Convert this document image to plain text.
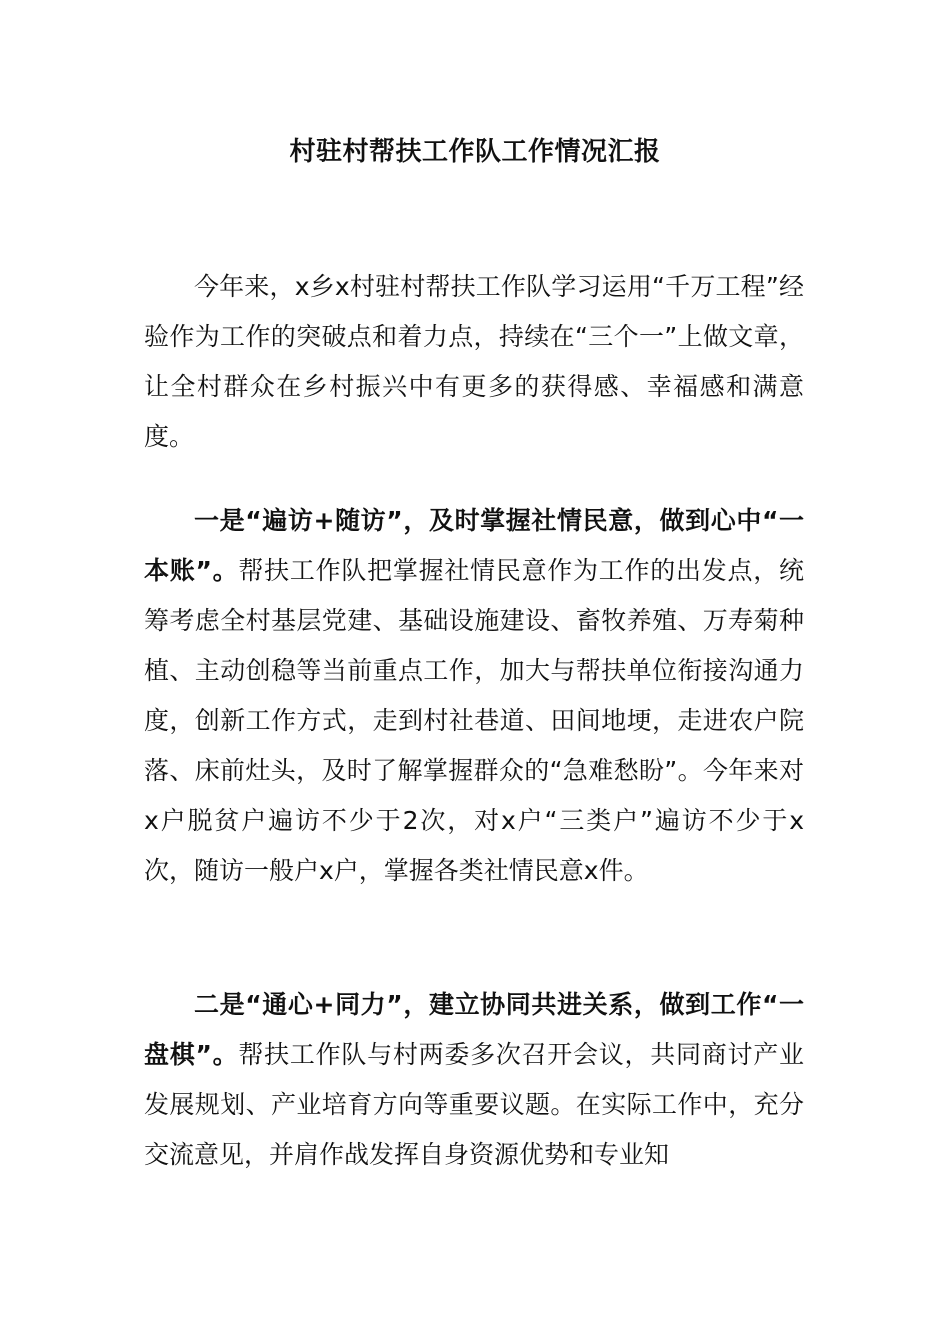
村驻村帮扶工作队工作情况汇报

今年来，x乡x村驻村帮扶工作队学习运用“千万工程”经验作为工作的突破点和着力点，持续在“三个一”上做文章，让全村群众在乡村振兴中有更多的获得感、幸福感和满意度。

一是“遍访+随访”，及时掌握社情民意，做到心中“一本账”。帮扶工作队把掌握社情民意作为工作的出发点，统筹考虑全村基层党建、基础设施建设、畜牧养殖、万寿菊种植、主动创稳等当前重点工作，加大与帮扶单位衔接沟通力度，创新工作方式，走到村社巷道、田间地埂，走进农户院落、床前灶头，及时了解掌握群众的“急难愁盼”。今年来对x户脱贫户遍访不少于2次，对x户“三类户”遍访不少于x次，随访一般户x户，掌握各类社情民意x件。

二是“通心+同力”，建立协同共进关系，做到工作“一盘棋”。帮扶工作队与村两委多次召开会议，共同商讨产业发展规划、产业培育方向等重要议题。在实际工作中，充分交流意见，并肩作战发挥自身资源优势和专业知
